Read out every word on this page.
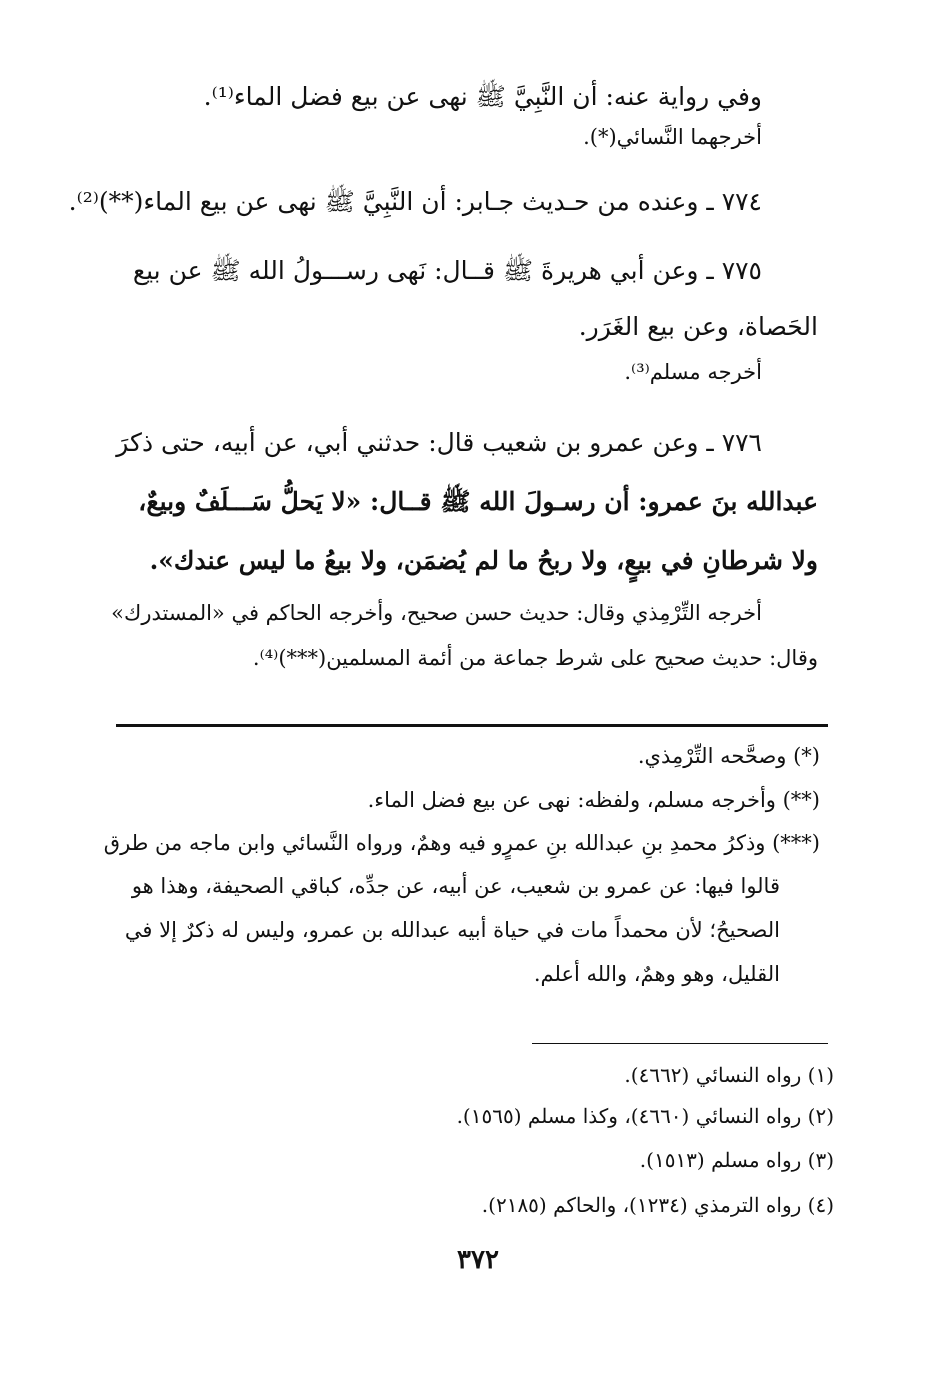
وفي رواية عنه: أن النَّبِيَّ ﷺ نهى عن بيع فضل الماء⁽¹⁾.

أخرجهما النَّسائي(*).

٧٧٤ ـ وعنده من حـديث جـابر: أن النَّبِيَّ ﷺ نهى عن بيع الماء(**)⁽²⁾.

٧٧٥ ـ وعن أبي هريرةَ ﷺ قــال: نَهى رســـولُ الله ﷺ عن بيع

الحَصاة، وعن بيع الغَرَر.

أخرجه مسلم⁽³⁾.

٧٧٦ ـ وعن عمرو بن شعيب قال: حدثني أبي، عن أبيه، حتى ذكرَ

عبدالله بنَ عمرو: أن رسـولَ الله ﷺ قــال: «لا يَحلُّ سَـــلَفٌ وبيعٌ،

ولا شرطانِ في بيعٍ، ولا ربحُ ما لم يُضمَن، ولا بيعُ ما ليس عندك».

أخرجه التِّرْمِذي وقال: حديث حسن صحيح، وأخرجه الحاكم في «المستدرك»

وقال: حديث صحيح على شرط جماعة من أئمة المسلمين(***)⁽⁴⁾.

(*) وصحَّحه التِّرْمِذي.

(**) وأخرجه مسلم، ولفظه: نهى عن بيع فضل الماء.

(***) وذكرُ محمدِ بنِ عبدالله بنِ عمرٍو فيه وهمٌ، ورواه النَّسائي وابن ماجه من طرق

قالوا فيها: عن عمرو بن شعيب، عن أبيه، عن جدِّه، كباقي الصحيفة، وهذا هو

الصحيحُ؛ لأن محمداً مات في حياة أبيه عبدالله بن عمرو، وليس له ذكرٌ إلا في

القليل، وهو وهمٌ، والله أعلم.

(١) رواه النسائي (٤٦٦٢).

(٢) رواه النسائي (٤٦٦٠)، وكذا مسلم (١٥٦٥).

(٣) رواه مسلم (١٥١٣).

(٤) رواه الترمذي (١٢٣٤)، والحاكم (٢١٨٥).

٣٧٢
